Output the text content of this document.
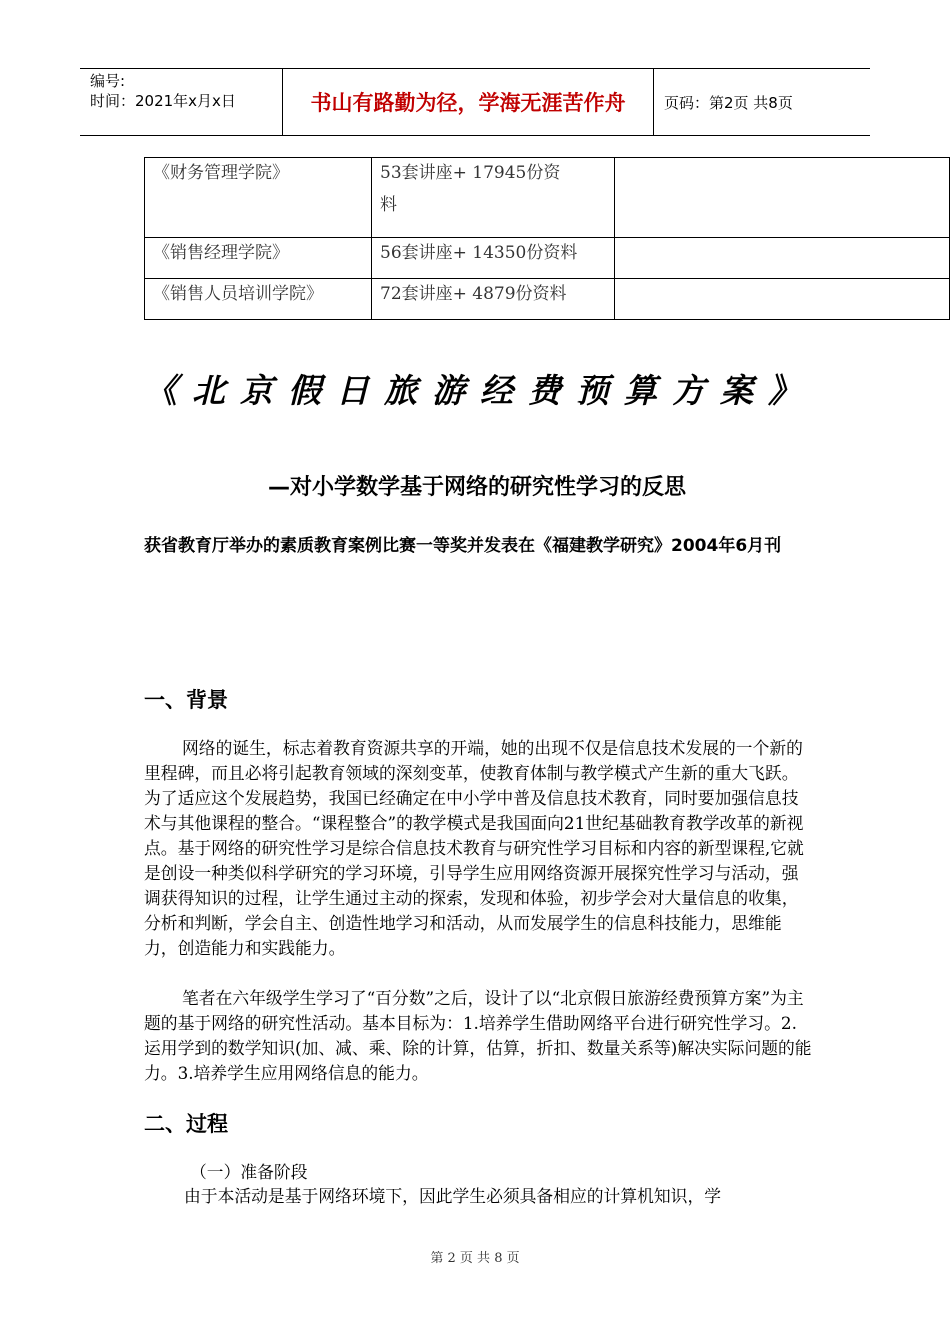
编号:
时间：2021年x月x日	书山有路勤为径，学海无涯苦作舟	页码：第2页 共8页
《财务管理学院》	53套讲座+ 17945份资
料	

《销售经理学院》	56套讲座+ 14350份资料	
《销售人员培训学院》	72套讲座+ 4879份资料	
《北京假日旅游经费预算方案》
—对小学数学基于网络的研究性学习的反思
获省教育厅举办的素质教育案例比赛一等奖并发表在《福建教学研究》2004年6月刊
一、背景

网络的诞生，标志着教育资源共享的开端，她的出现不仅是信息技术发展的一个新的里程碑，而且必将引起教育领域的深刻变革，使教育体制与教学模式产生新的重大飞跃。为了适应这个发展趋势，我国已经确定在中小学中普及信息技术教育，同时要加强信息技术与其他课程的整合。“课程整合”的教学模式是我国面向21世纪基础教育教学改革的新视点。基于网络的研究性学习是综合信息技术教育与研究性学习目标和内容的新型课程,它就是创设一种类似科学研究的学习环境，引导学生应用网络资源开展探究性学习与活动，强调获得知识的过程，让学生通过主动的探索，发现和体验，初步学会对大量信息的收集，分析和判断，学会自主、创造性地学习和活动，从而发展学生的信息科技能力，思维能力，创造能力和实践能力。

笔者在六年级学生学习了“百分数”之后，设计了以“北京假日旅游经费预算方案”为主题的基于网络的研究性活动。基本目标为：1.培养学生借助网络平台进行研究性学习。2. 运用学到的数学知识(加、减、乘、除的计算，估算，折扣、数量关系等)解决实际问题的能力。3.培养学生应用网络信息的能力。

二、过程
（一）准备阶段
由于本活动是基于网络环境下，因此学生必须具备相应的计算机知识，学
第 2 页 共 8 页
